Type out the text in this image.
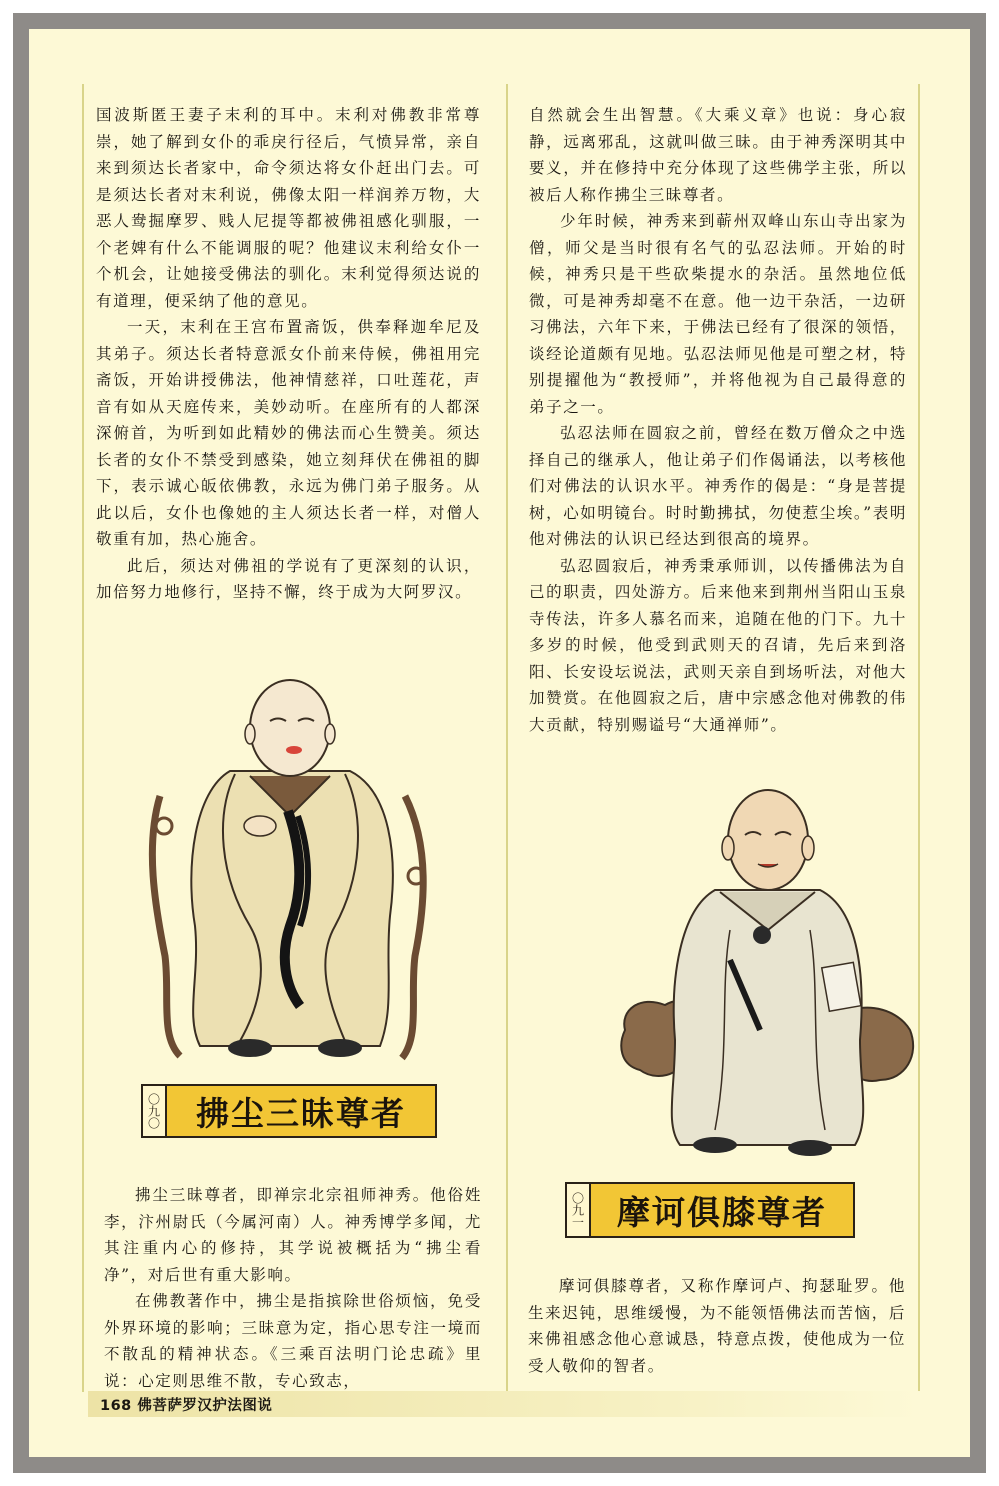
国波斯匿王妻子末利的耳中。末利对佛教非常尊崇，她了解到女仆的乖戾行径后，气愤异常，亲自来到须达长者家中，命令须达将女仆赶出门去。可是须达长者对末利说，佛像太阳一样润养万物，大恶人鸯掘摩罗、贱人尼提等都被佛祖感化驯服，一个老婢有什么不能调服的呢？他建议末利给女仆一个机会，让她接受佛法的驯化。末利觉得须达说的有道理，便采纳了他的意见。

一天，末利在王宫布置斋饭，供奉释迦牟尼及其弟子。须达长者特意派女仆前来侍候，佛祖用完斋饭，开始讲授佛法，他神情慈祥，口吐莲花，声音有如从天庭传来，美妙动听。在座所有的人都深深俯首，为听到如此精妙的佛法而心生赞美。须达长者的女仆不禁受到感染，她立刻拜伏在佛祖的脚下，表示诚心皈依佛教，永远为佛门弟子服务。从此以后，女仆也像她的主人须达长者一样，对僧人敬重有加，热心施舍。

此后，须达对佛祖的学说有了更深刻的认识，加倍努力地修行，坚持不懈，终于成为大阿罗汉。

自然就会生出智慧。《大乘义章》也说：身心寂静，远离邪乱，这就叫做三昧。由于神秀深明其中要义，并在修持中充分体现了这些佛学主张，所以被后人称作拂尘三昧尊者。

少年时候，神秀来到蕲州双峰山东山寺出家为僧，师父是当时很有名气的弘忍法师。开始的时候，神秀只是干些砍柴提水的杂活。虽然地位低微，可是神秀却毫不在意。他一边干杂活，一边研习佛法，六年下来，于佛法已经有了很深的领悟，谈经论道颇有见地。弘忍法师见他是可塑之材，特别提擢他为“教授师”，并将他视为自己最得意的弟子之一。

弘忍法师在圆寂之前，曾经在数万僧众之中选择自己的继承人，他让弟子们作偈诵法，以考核他们对佛法的认识水平。神秀作的偈是：“身是菩提树，心如明镜台。时时勤拂拭，勿使惹尘埃。”表明他对佛法的认识已经达到很高的境界。

弘忍圆寂后，神秀秉承师训，以传播佛法为自己的职责，四处游方。后来他来到荆州当阳山玉泉寺传法，许多人慕名而来，追随在他的门下。九十多岁的时候，他受到武则天的召请，先后来到洛阳、长安设坛说法，武则天亲自到场听法，对他大加赞赏。在他圆寂之后，唐中宗感念他对佛教的伟大贡献，特别赐谥号“大通禅师”。

〇九〇	拂尘三昧尊者

拂尘三昧尊者，即禅宗北宗祖师神秀。他俗姓李，汴州尉氏（今属河南）人。神秀博学多闻，尤其注重内心的修持，其学说被概括为“拂尘看净”，对后世有重大影响。

在佛教著作中，拂尘是指摈除世俗烦恼，免受外界环境的影响；三昧意为定，指心思专注一境而不散乱的精神状态。《三乘百法明门论忠疏》里说：心定则思维不散，专心致志，

〇九一 摩诃俱膝尊者

摩诃俱膝尊者，又称作摩诃卢、拘瑟耻罗。他生来迟钝，思维缓慢，为不能领悟佛法而苦恼，后来佛祖感念他心意诚恳，特意点拨，使他成为一位受人敬仰的智者。

168 佛菩萨罗汉护法图说
